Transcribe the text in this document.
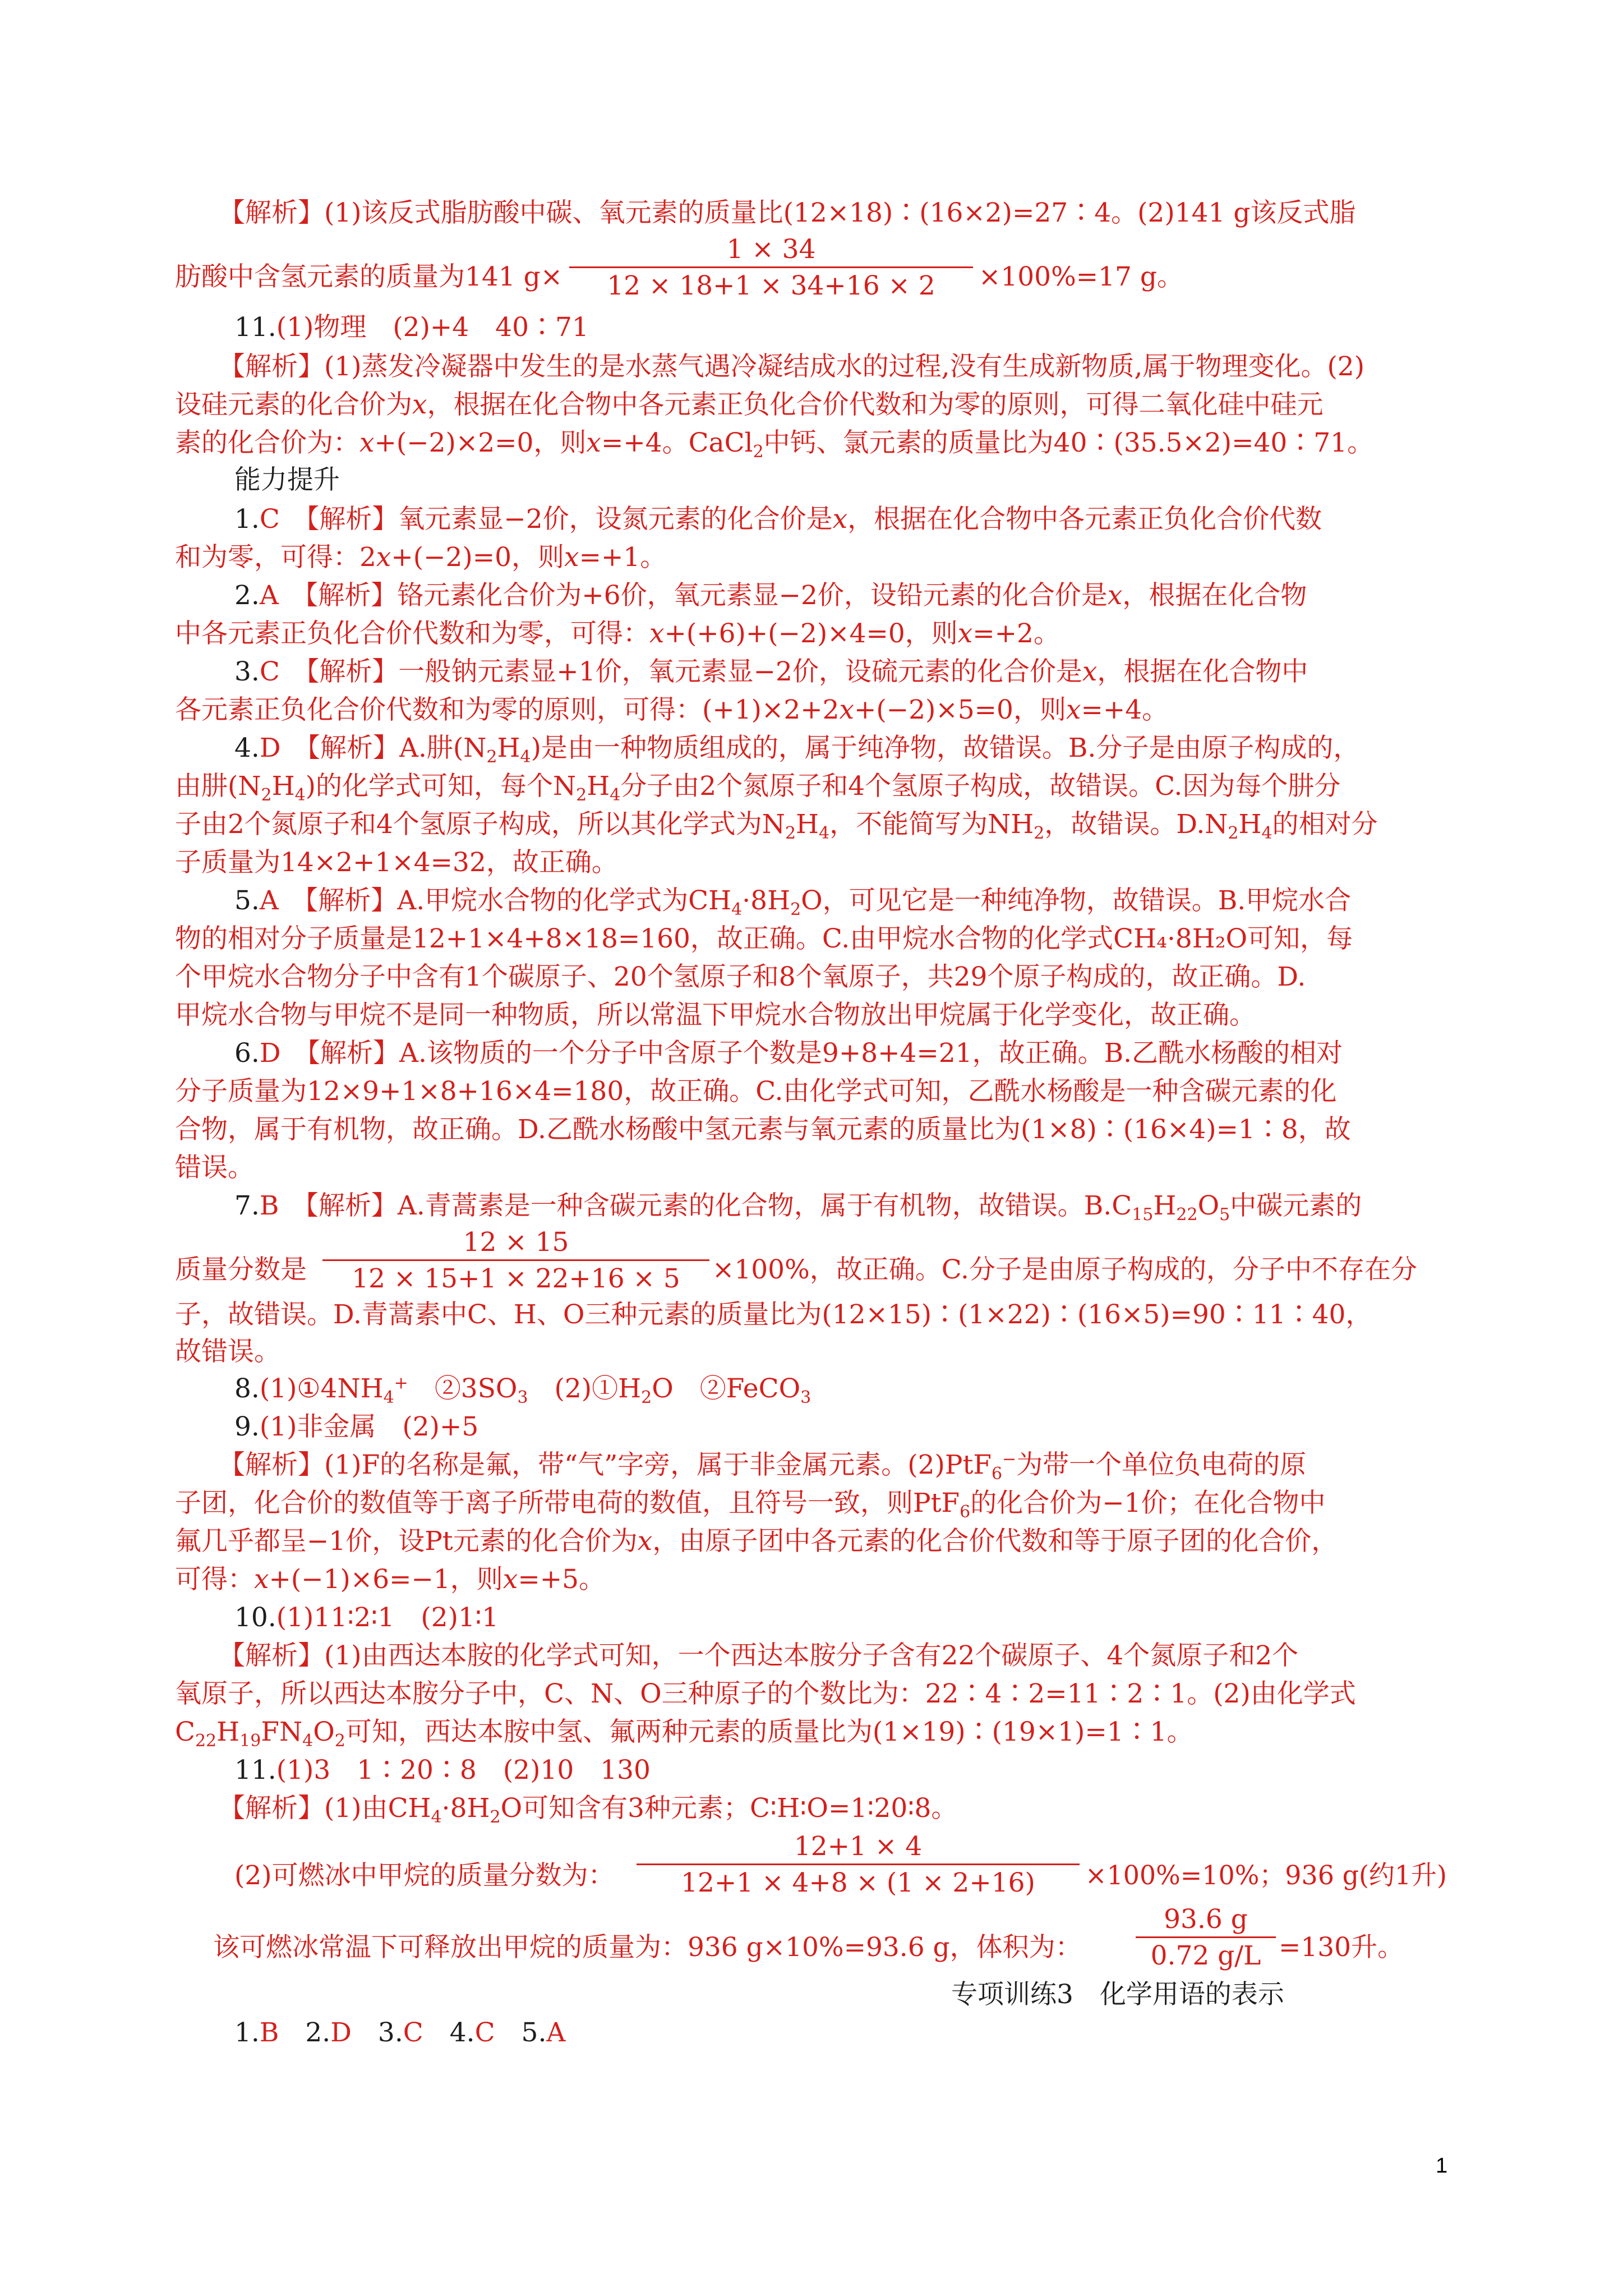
【解析】(1)该反式脂肪酸中碳、氧元素的质量比(12×18)∶(16×2)=27∶4。(2)141 g该反式脂
肪酸中含氢元素的质量为141 g×
1 × 34
12 × 18+1 × 34+16 × 2	×100%=17 g。
11.(1)物理　(2)+4　40∶71
【解析】(1)蒸发冷凝器中发生的是水蒸气遇冷凝结成水的过程,没有生成新物质,属于物理变化。(2)
设硅元素的化合价为x，根据在化合物中各元素正负化合价代数和为零的原则，可得二氧化硅中硅元
素的化合价为：x+(−2)×2=0，则x=+4。CaCl$_2$中钙、氯元素的质量比为40∶(35.5×2)=40∶71。
能力提升
1.C　 【解析】氧元素显−2价，设氮元素的化合价是x，根据在化合物中各元素正负化合价代数
和为零，可得：2x+(−2)=0，则x=+1。
2.A　 【解析】铬元素化合价为+6价，氧元素显−2价，设铅元素的化合价是x，根据在化合物
中各元素正负化合价代数和为零，可得：x+(+6)+(−2)×4=0，则x=+2。
3.C　 【解析】一般钠元素显+1价，氧元素显−2价，设硫元素的化合价是x，根据在化合物中
各元素正负化合价代数和为零的原则，可得：(+1)×2+2x+(−2)×5=0，则x=+4。
4.D　 【解析】A.肼$(N_2H_4)$是由一种物质组成的，属于纯净物，故错误。B.分子是由原子构成的，
由肼$(N_2H_4)$的化学式可知，每个$N_2H_4$分子由2个氮原子和4个氢原子构成，故错误。C.因为每个肼分
子由2个氮原子和4个氢原子构成，所以其化学式为$N_2H_4$，不能简写为$NH_2$，故错误。$D.N_2H_4$的相对分
子质量为14×2+1×4=32，故正确。
5.A　 【解析】A.甲烷水合物的化学式为$CH_4\cdot 8H_2O$，可见它是一种纯净物，故错误。B.甲烷水合
物的相对分子质量是12+1×4+8×18=160，故正确。C.由甲烷水合物的化学式CH₄·8H₂O可知，每
个甲烷水合物分子中含有1个碳原子、20个氢原子和8个氧原子，共29个原子构成的，故正确。D.
甲烷水合物与甲烷不是同一种物质，所以常温下甲烷水合物放出甲烷属于化学变化，故正确。
6.D　 【解析】A.该物质的一个分子中含原子个数是9+8+4=21，故正确。B.乙酰水杨酸的相对
分子质量为12×9+1×8+16×4=180，故正确。C.由化学式可知，乙酰水杨酸是一种含碳元素的化
合物，属于有机物，故正确。D.乙酰水杨酸中氢元素与氧元素的质量比为(1×8)∶(16×4)=1∶8，故
错误。
7.B　 【解析】A.青蒿素是一种含碳元素的化合物，属于有机物，故错误。$B.C_{15}H_{22}O_5$中碳元素的
质量分数是
12 × 15
12 × 15+1 × 22+16 × 5	×100%，故正确。C.分子是由原子构成的，分子中不存在分
子，故错误。D.青蒿素中C、H、O三种元素的质量比为(12×15)∶(1×22)∶(16×5)=90∶11∶40，
故错误。
$8.(1)①4NH_4^+$　 $②3SO_3$　 $(2)①H_2O$　 ②FeCO$_3$
9.(1)非金属　(2)+5
【解析】(1)F的名称是氟，带“气”字旁，属于非金属元素。(2)PtF$_6$−为带一个单位负电荷的原
子团，化合价的数值等于离子所带电荷的数值，且符号一致，则PtF$_6$的化合价为−1价；在化合物中
氟几乎都呈−1价，设Pt元素的化合价为x，由原子团中各元素的化合价代数和等于原子团的化合价，
可得：x+(−1)×6=−1，则x=+5。
10.(1)11∶2∶1　(2)1∶1
【解析】(1)由西达本胺的化学式可知，一个西达本胺分子含有22个碳原子、4个氮原子和2个
氧原子，所以西达本胺分子中，C、N、O三种原子的个数比为：22∶4∶2=11∶2∶1。(2)由化学式
$C_{22}H_{19}FN_4O_2$可知，西达本胺中氢、氟两种元素的质量比为(1×19)∶(19×1)=1∶1。
11.(1)3　1∶20∶8　(2)10　130
【解析】(1)由$CH_4\cdot 8H_2O$可知含有3种元素；C∶H∶O=1∶20∶8。
(2)可燃冰中甲烷的质量分数为：
12+1 × 4
12+1 × 4+8 × (1 × 2+16)	×100%=10%；936 g(约1升)
该可燃冰常温下可释放出甲烷的质量为：936 g×10%=93.6 g，体积为：
93.6 g
0.72 g/L =130升。
专项训练3　化学用语的表示
1.B　 2.D　 3.C　 4.C　 5.A
1
